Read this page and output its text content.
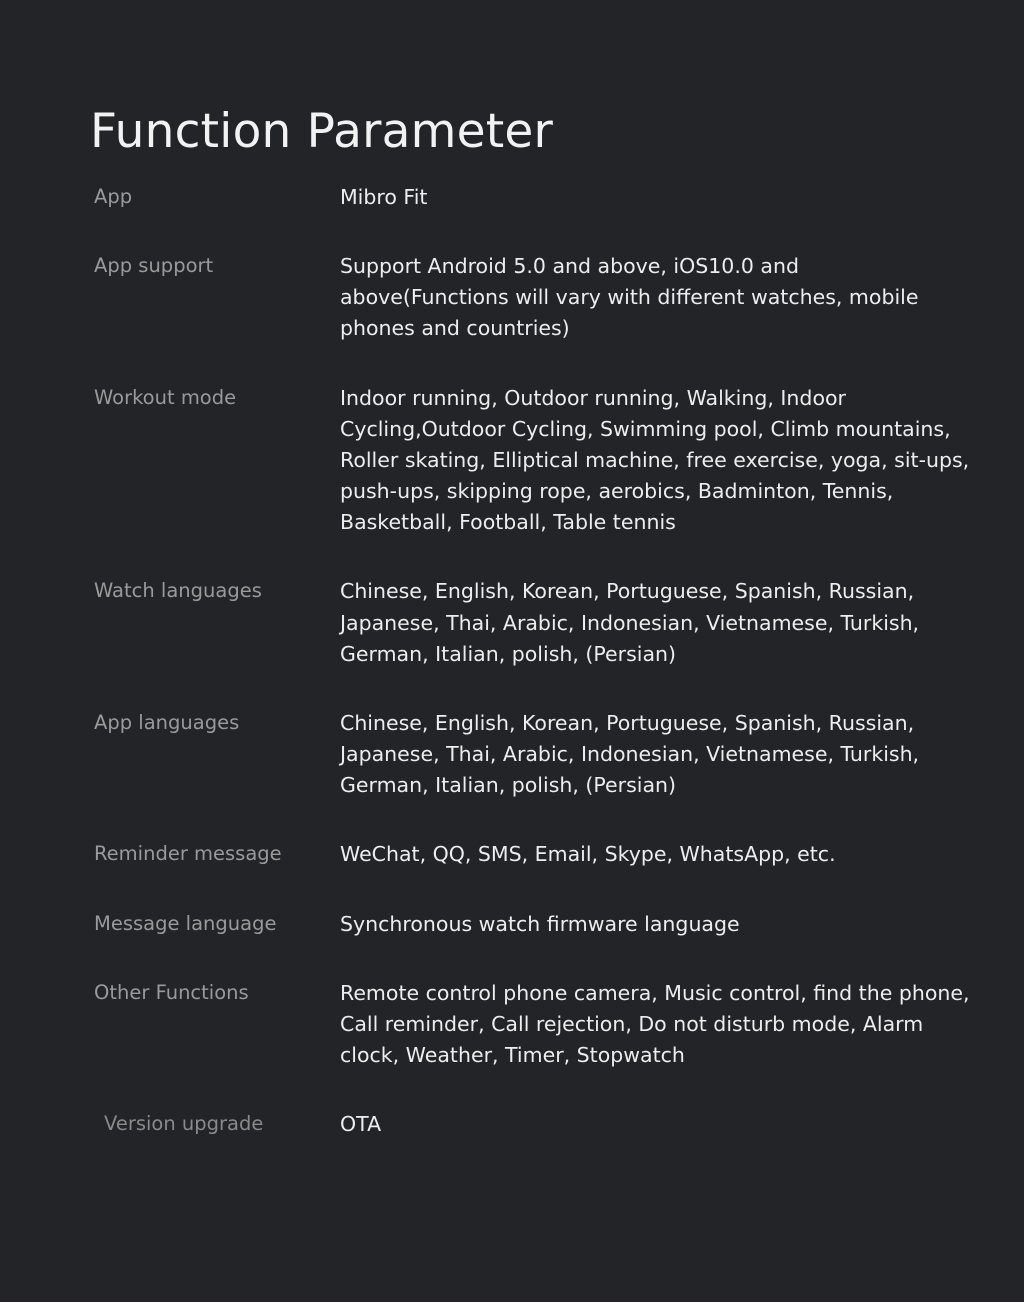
Function Parameter
App	Mibro Fit
App support	Support Android 5.0 and above, iOS10.0 and above(Functions will vary with different watches, mobile phones and countries)
Workout mode	Indoor running, Outdoor running, Walking, Indoor Cycling,Outdoor Cycling, Swimming pool, Climb mountains, Roller skating, Elliptical machine, free exercise, yoga, sit-ups, push-ups, skipping rope, aerobics, Badminton, Tennis, Basketball, Football, Table tennis
Watch languages	Chinese, English, Korean, Portuguese, Spanish, Russian, Japanese, Thai, Arabic, Indonesian, Vietnamese, Turkish, German, Italian, polish, (Persian)
App languages	Chinese, English, Korean, Portuguese, Spanish, Russian, Japanese, Thai, Arabic, Indonesian, Vietnamese, Turkish, German, Italian, polish, (Persian)
Reminder message	WeChat, QQ, SMS, Email, Skype, WhatsApp, etc.
Message language	Synchronous watch firmware language
Other Functions	Remote control phone camera, Music control, find the phone, Call reminder, Call rejection, Do not disturb mode, Alarm clock, Weather, Timer, Stopwatch
Version upgrade	OTA
